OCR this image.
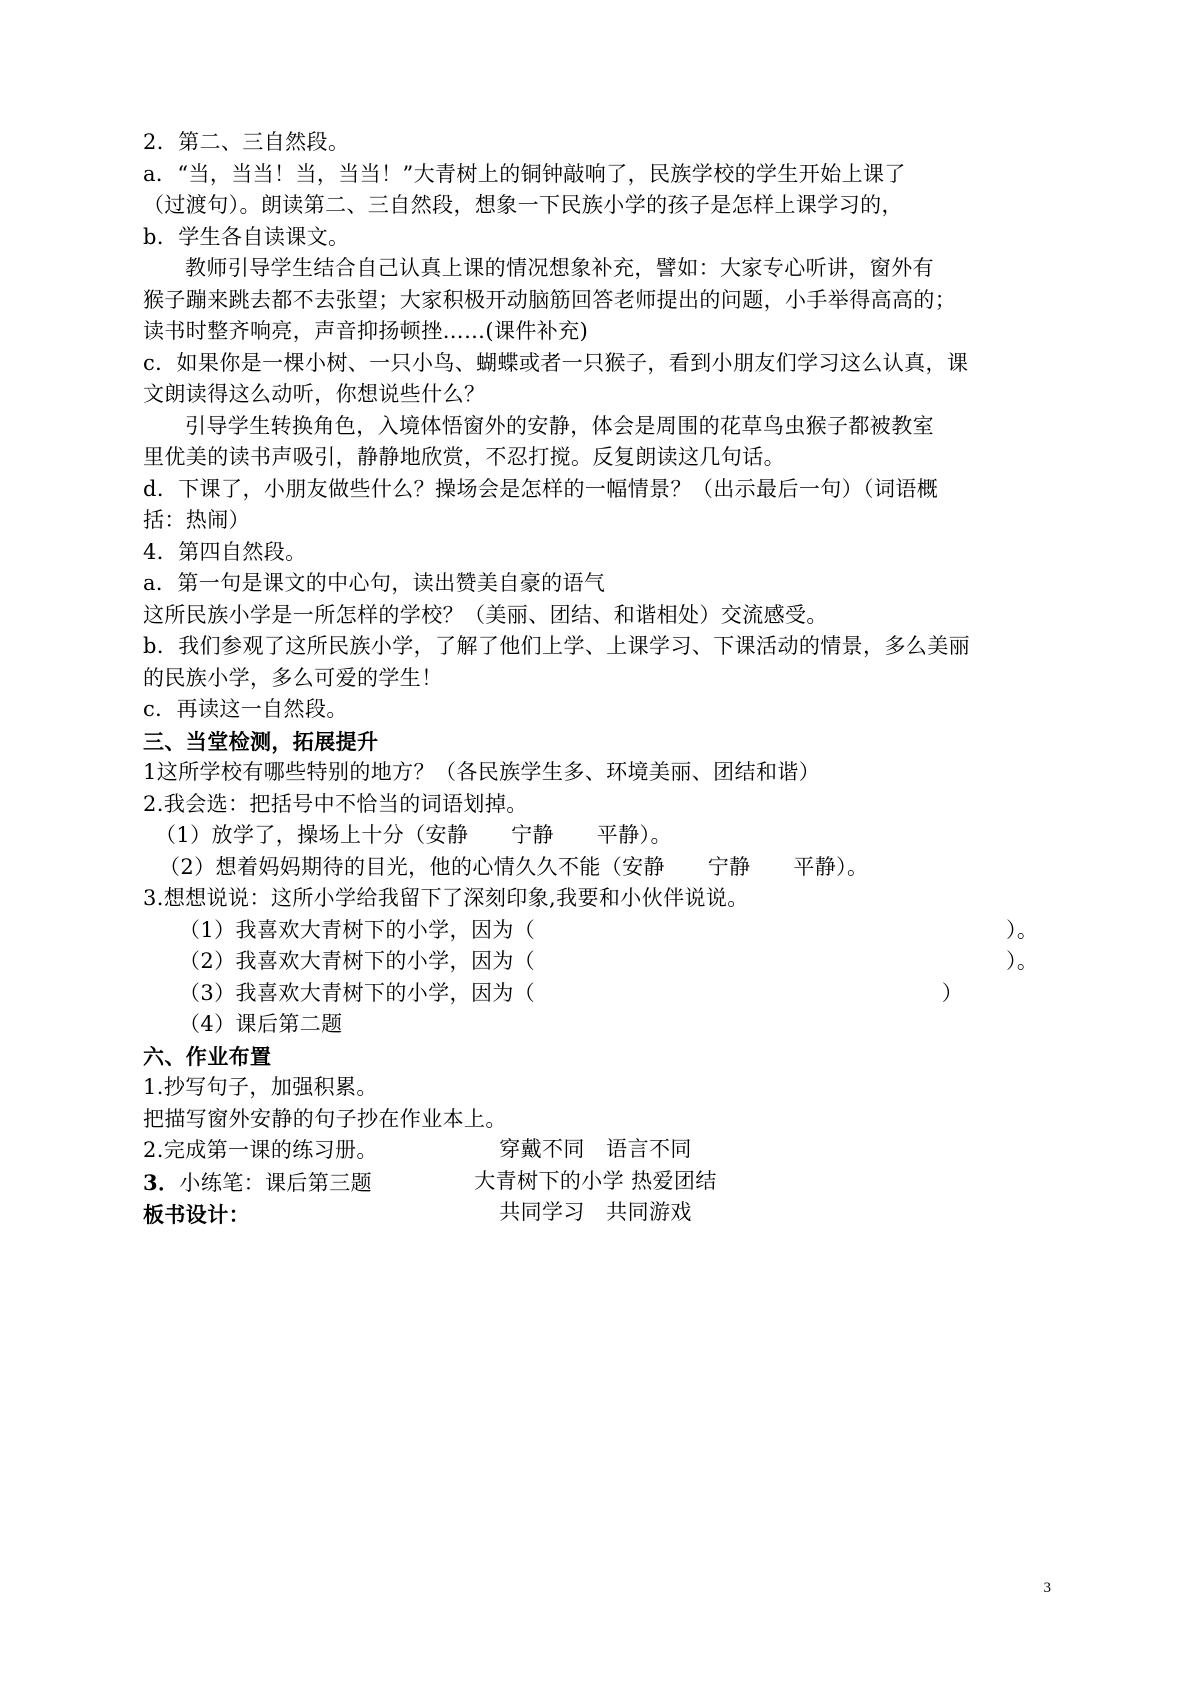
2．第二、三自然段。

a．“当，当当！当，当当！”大青树上的铜钟敲响了，民族学校的学生开始上课了

（过渡句）。朗读第二、三自然段，想象一下民族小学的孩子是怎样上课学习的，

b．学生各自读课文。

教师引导学生结合自己认真上课的情况想象补充，譬如：大家专心听讲，窗外有

猴子蹦来跳去都不去张望；大家积极开动脑筋回答老师提出的问题，小手举得高高的；

读书时整齐响亮，声音抑扬顿挫……(课件补充)

c．如果你是一棵小树、一只小鸟、蝴蝶或者一只猴子，看到小朋友们学习这么认真，课

文朗读得这么动听，你想说些什么？

引导学生转换角色，入境体悟窗外的安静，体会是周围的花草鸟虫猴子都被教室

里优美的读书声吸引，静静地欣赏，不忍打搅。反复朗读这几句话。

d．下课了，小朋友做些什么？操场会是怎样的一幅情景？（出示最后一句）（词语概

括：热闹）

4．第四自然段。

a．第一句是课文的中心句，读出赞美自豪的语气

这所民族小学是一所怎样的学校？（美丽、团结、和谐相处）交流感受。

b．我们参观了这所民族小学，了解了他们上学、上课学习、下课活动的情景，多么美丽

的民族小学，多么可爱的学生！

c．再读这一自然段。

三、当堂检测，拓展提升

1这所学校有哪些特别的地方？（各民族学生多、环境美丽、团结和谐）

2.我会选：把括号中不恰当的词语划掉。

（1）放学了，操场上十分（安静　　宁静　　平静）。

（2）想着妈妈期待的目光，他的心情久久不能（安静　　宁静　　平静）。

3.想想说说：这所小学给我留下了深刻印象,我要和小伙伴说说。

（1）我喜欢大青树下的小学，因为（　　　　　　　　　　　　　　　　　　　　　　）。

（2）我喜欢大青树下的小学，因为（　　　　　　　　　　　　　　　　　　　　　　）。

（3）我喜欢大青树下的小学，因为（　　　　　　　　　　　　　　　　　　　）

（4）课后第二题

六、作业布置

1.抄写句子，加强积累。

把描写窗外安静的句子抄在作业本上。

2.完成第一课的练习册。

3．小练笔：课后第三题

板书设计：

穿戴不同　语言不同

大青树下的小学 热爱团结

共同学习　共同游戏

3
